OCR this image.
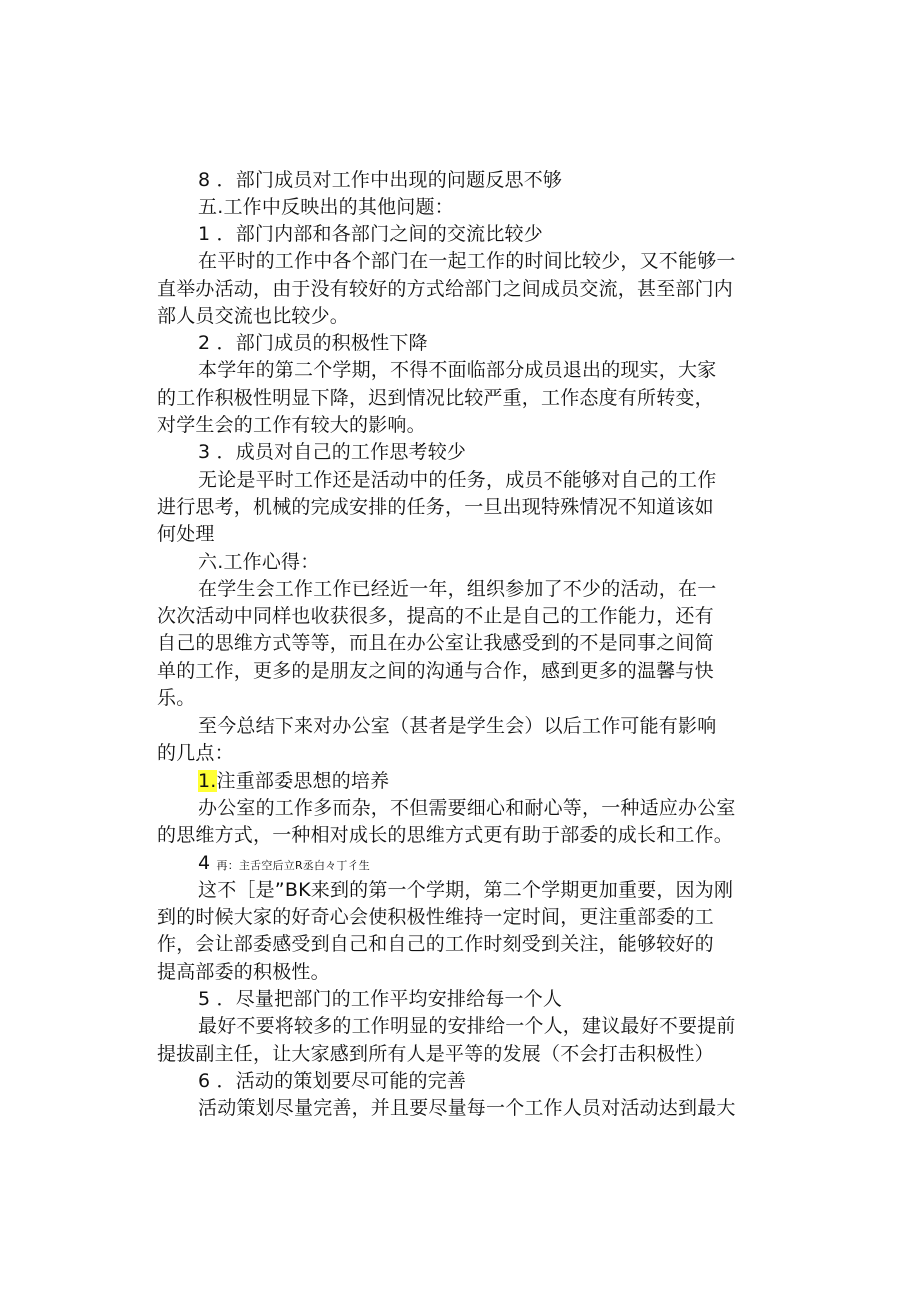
8 ．部门成员对工作中出现的问题反思不够
五.工作中反映出的其他问题：
1 ．部门内部和各部门之间的交流比较少
在平时的工作中各个部门在一起工作的时间比较少，又不能够一
直举办活动，由于没有较好的方式给部门之间成员交流，甚至部门内
部人员交流也比较少。
2 ．部门成员的积极性下降
本学年的第二个学期，不得不面临部分成员退出的现实，大家
的工作积极性明显下降，迟到情况比较严重，工作态度有所转变，
对学生会的工作有较大的影响。
3 ．成员对自己的工作思考较少
无论是平时工作还是活动中的任务，成员不能够对自己的工作
进行思考，机械的完成安排的任务，一旦出现特殊情况不知道该如
何处理
六.工作心得：
在学生会工作工作已经近一年，组织参加了不少的活动，在一
次次活动中同样也收获很多，提高的不止是自己的工作能力，还有
自己的思维方式等等，而且在办公室让我感受到的不是同事之间简
单的工作，更多的是朋友之间的沟通与合作，感到更多的温馨与快
乐。
至今总结下来对办公室（甚者是学生会）以后工作可能有影响
的几点：
1.注重部委思想的培养
办公室的工作多而杂，不但需要细心和耐心等，一种适应办公室
的思维方式，一种相对成长的思维方式更有助于部委的成长和工作。
4 再：主舌空后立R丞白々丁彳生
这不［是”BK来到的第一个学期，第二个学期更加重要，因为刚
到的时候大家的好奇心会使积极性维持一定时间，更注重部委的工
作，会让部委感受到自己和自己的工作时刻受到关注，能够较好的
提高部委的积极性。
5 ．尽量把部门的工作平均安排给每一个人
最好不要将较多的工作明显的安排给一个人，建议最好不要提前
提拔副主任，让大家感到所有人是平等的发展（不会打击积极性）
6 ．活动的策划要尽可能的完善
活动策划尽量完善，并且要尽量每一个工作人员对活动达到最大
